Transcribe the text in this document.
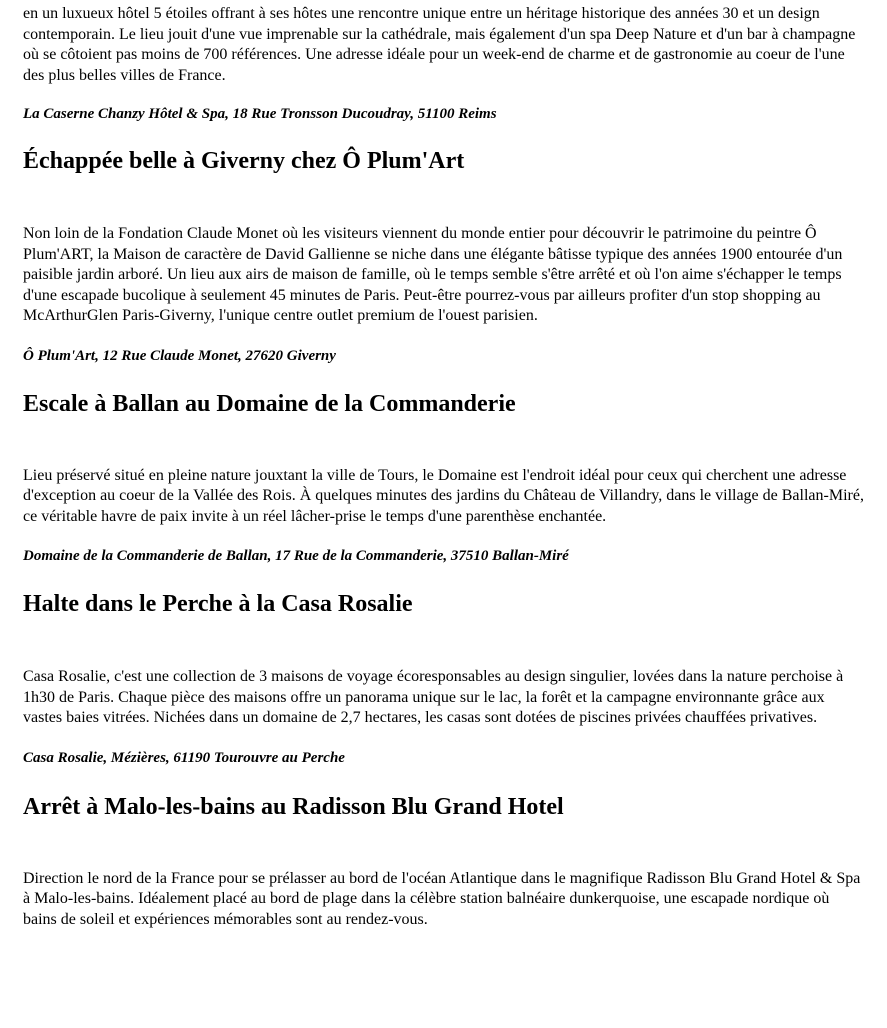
en un luxueux hôtel 5 étoiles offrant à ses hôtes une rencontre unique entre un héritage historique des années 30 et un design contemporain. Le lieu jouit d'une vue imprenable sur la cathédrale, mais également d'un spa Deep Nature et d'un bar à champagne où se côtoient pas moins de 700 références. Une adresse idéale pour un week-end de charme et de gastronomie au coeur de l'une des plus belles villes de France.

La Caserne Chanzy Hôtel & Spa, 18 Rue Tronsson Ducoudray, 51100 Reims

Échappée belle à Giverny chez Ô Plum'Art

Non loin de la Fondation Claude Monet où les visiteurs viennent du monde entier pour découvrir le patrimoine du peintre Ô Plum'ART, la Maison de caractère de David Gallienne se niche dans une élégante bâtisse typique des années 1900 entourée d'un paisible jardin arboré. Un lieu aux airs de maison de famille, où le temps semble s'être arrêté et où l'on aime s'échapper le temps d'une escapade bucolique à seulement 45 minutes de Paris. Peut-être pourrez-vous par ailleurs profiter d'un stop shopping au McArthurGlen Paris-Giverny, l'unique centre outlet premium de l'ouest parisien.

Ô Plum'Art, 12 Rue Claude Monet, 27620 Giverny

Escale à Ballan au Domaine de la Commanderie

Lieu préservé situé en pleine nature jouxtant la ville de Tours, le Domaine est l'endroit idéal pour ceux qui cherchent une adresse d'exception au coeur de la Vallée des Rois. À quelques minutes des jardins du Château de Villandry, dans le village de Ballan-Miré, ce véritable havre de paix invite à un réel lâcher-prise le temps d'une parenthèse enchantée.

Domaine de la Commanderie de Ballan, 17 Rue de la Commanderie, 37510 Ballan-Miré

Halte dans le Perche à la Casa Rosalie

Casa Rosalie, c'est une collection de 3 maisons de voyage écoresponsables au design singulier, lovées dans la nature perchoise à 1h30 de Paris. Chaque pièce des maisons offre un panorama unique sur le lac, la forêt et la campagne environnante grâce aux vastes baies vitrées. Nichées dans un domaine de 2,7 hectares, les casas sont dotées de piscines privées chauffées privatives.

Casa Rosalie, Mézières, 61190 Tourouvre au Perche

Arrêt à Malo-les-bains au Radisson Blu Grand Hotel

Direction le nord de la France pour se prélasser au bord de l'océan Atlantique dans le magnifique Radisson Blu Grand Hotel & Spa à Malo-les-bains. Idéalement placé au bord de plage dans la célèbre station balnéaire dunkerquoise, une escapade nordique où bains de soleil et expériences mémorables sont au rendez-vous.
